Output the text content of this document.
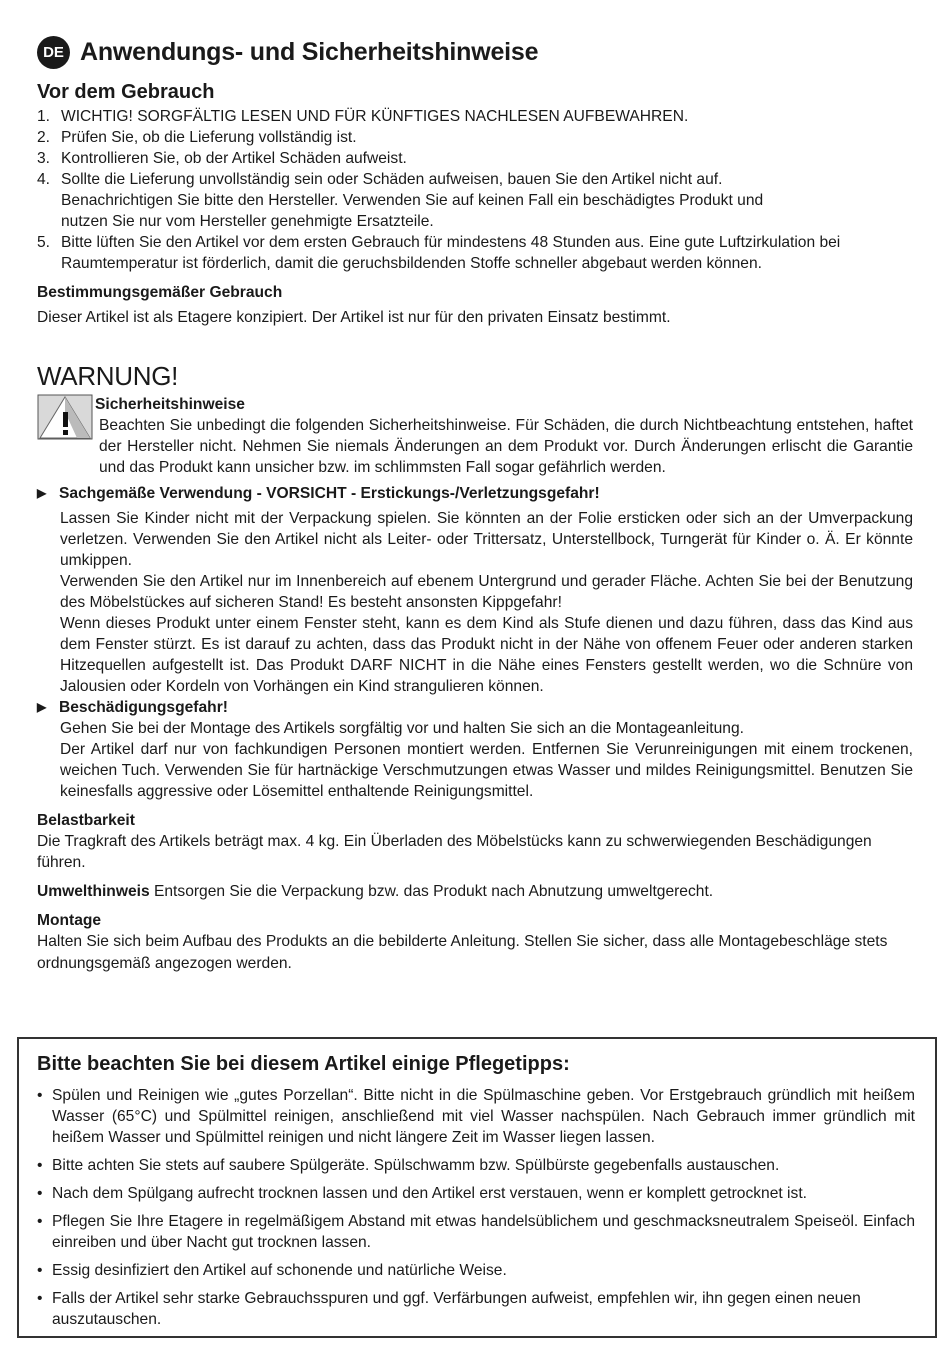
DE Anwendungs- und Sicherheitshinweise
Vor dem Gebrauch
1. WICHTIG! SORGFÄLTIG LESEN UND FÜR KÜNFTIGES NACHLESEN AUFBEWAHREN.
2. Prüfen Sie, ob die Lieferung vollständig ist.
3. Kontrollieren Sie, ob der Artikel Schäden aufweist.
4. Sollte die Lieferung unvollständig sein oder Schäden aufweisen, bauen Sie den Artikel nicht auf. Benachrichtigen Sie bitte den Hersteller. Verwenden Sie auf keinen Fall ein beschädigtes Produkt und nutzen Sie nur vom Hersteller genehmigte Ersatzteile.
5. Bitte lüften Sie den Artikel vor dem ersten Gebrauch für mindestens 48 Stunden aus. Eine gute Luftzirkulation bei Raumtemperatur ist förderlich, damit die geruchsbildenden Stoffe schneller abgebaut werden können.
Bestimmungsgemäßer Gebrauch
Dieser Artikel ist als Etagere konzipiert. Der Artikel ist nur für den privaten Einsatz bestimmt.
WARNUNG!
Sicherheitshinweise
Beachten Sie unbedingt die folgenden Sicherheitshinweise. Für Schäden, die durch Nichtbeachtung entstehen, haftet der Hersteller nicht. Nehmen Sie niemals Änderungen an dem Produkt vor. Durch Änderungen erlischt die Garantie und das Produkt kann unsicher bzw. im schlimmsten Fall sogar gefährlich werden.
▶ Sachgemäße Verwendung - VORSICHT - Erstickungs-/Verletzungsgefahr!
Lassen Sie Kinder nicht mit der Verpackung spielen. Sie könnten an der Folie ersticken oder sich an der Umverpackung verletzen. Verwenden Sie den Artikel nicht als Leiter- oder Trittersatz, Unterstellbock, Turngerät für Kinder o. Ä. Er könnte umkippen.
Verwenden Sie den Artikel nur im Innenbereich auf ebenem Untergrund und gerader Fläche. Achten Sie bei der Benutzung des Möbelstückes auf sicheren Stand! Es besteht ansonsten Kippgefahr!
Wenn dieses Produkt unter einem Fenster steht, kann es dem Kind als Stufe dienen und dazu führen, dass das Kind aus dem Fenster stürzt. Es ist darauf zu achten, dass das Produkt nicht in der Nähe von offenem Feuer oder anderen starken Hitzequellen aufgestellt ist. Das Produkt DARF NICHT in die Nähe eines Fensters gestellt werden, wo die Schnüre von Jalousien oder Kordeln von Vorhängen ein Kind strangulieren können.
▶ Beschädigungsgefahr!
Gehen Sie bei der Montage des Artikels sorgfältig vor und halten Sie sich an die Montageanleitung.
Der Artikel darf nur von fachkundigen Personen montiert werden. Entfernen Sie Verunreinigungen mit einem trockenen, weichen Tuch. Verwenden Sie für hartnäckige Verschmutzungen etwas Wasser und mildes Reinigungsmittel. Benutzen Sie keinesfalls aggressive oder Lösemittel enthaltende Reinigungsmittel.
Belastbarkeit
Die Tragkraft des Artikels beträgt max. 4 kg. Ein Überladen des Möbelstücks kann zu schwerwiegenden Beschädigungen führen.
Umwelthinweis Entsorgen Sie die Verpackung bzw. das Produkt nach Abnutzung umweltgerecht.
Montage
Halten Sie sich beim Aufbau des Produkts an die bebilderte Anleitung. Stellen Sie sicher, dass alle Montagebeschläge stets ordnungsgemäß angezogen werden.
Bitte beachten Sie bei diesem Artikel einige Pflegetipps:
• Spülen und Reinigen wie „gutes Porzellan“. Bitte nicht in die Spülmaschine geben. Vor Erstgebrauch gründlich mit heißem Wasser (65°C) und Spülmittel reinigen, anschließend mit viel Wasser nachspülen. Nach Gebrauch immer gründlich mit heißem Wasser und Spülmittel reinigen und nicht längere Zeit im Wasser liegen lassen.
• Bitte achten Sie stets auf saubere Spülgeräte. Spülschwamm bzw. Spülbürste gegebenfalls austauschen.
• Nach dem Spülgang aufrecht trocknen lassen und den Artikel erst verstauen, wenn er komplett getrocknet ist.
• Pflegen Sie Ihre Etagere in regelmäßigem Abstand mit etwas handelsüblichem und geschmacksneutralem Speiseöl. Einfach einreiben und über Nacht gut trocknen lassen.
• Essig desinfiziert den Artikel auf schonende und natürliche Weise.
• Falls der Artikel sehr starke Gebrauchsspuren und ggf. Verfärbungen aufweist, empfehlen wir, ihn gegen einen neuen auszutauschen.
